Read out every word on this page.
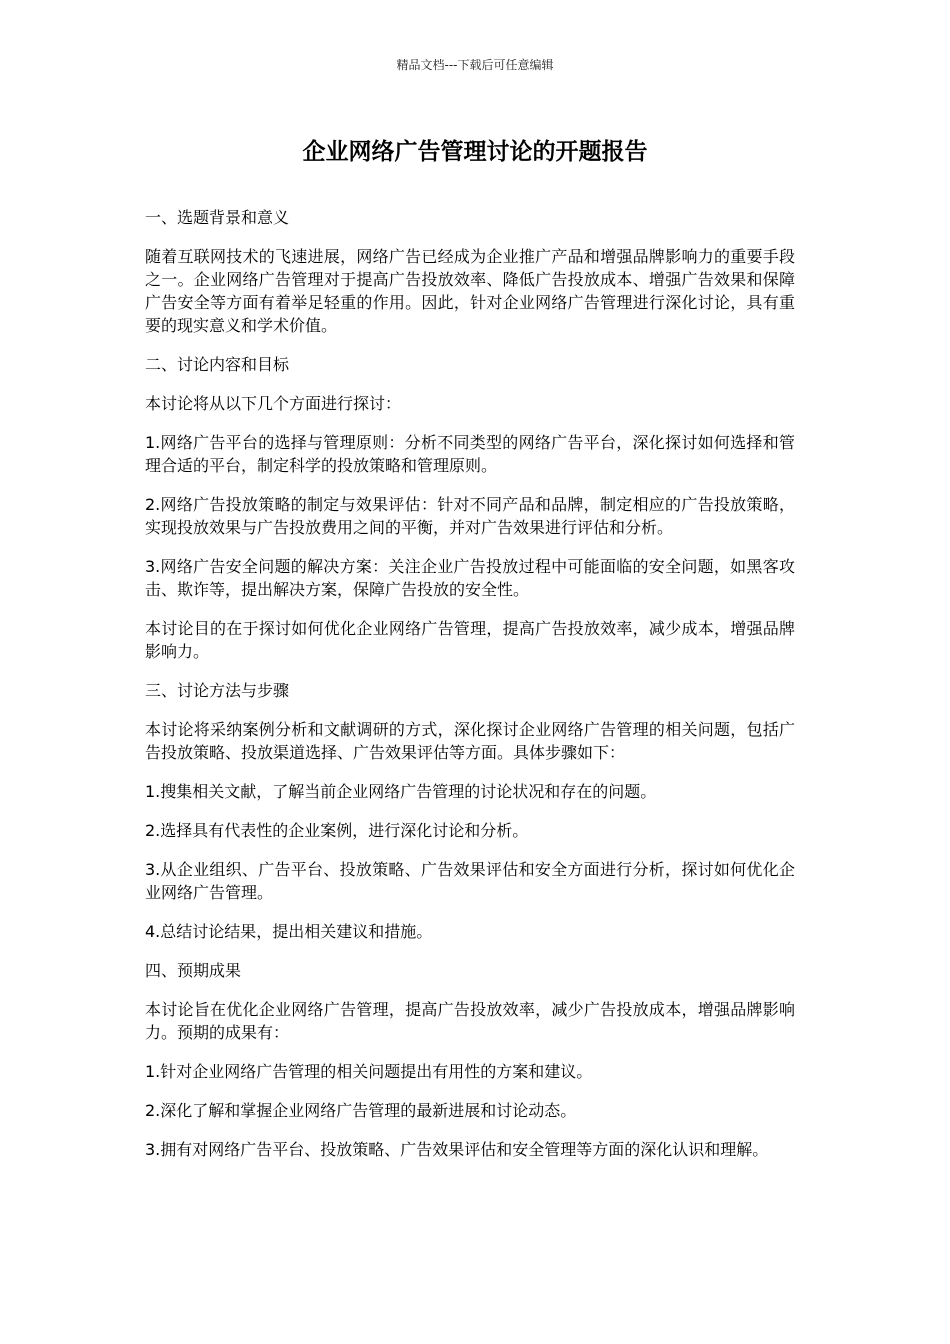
精品文档---下载后可任意编辑
企业网络广告管理讨论的开题报告

一、选题背景和意义

随着互联网技术的飞速进展，网络广告已经成为企业推广产品和增强品牌影响力的重要手段之一。企业网络广告管理对于提高广告投放效率、降低广告投放成本、增强广告效果和保障广告安全等方面有着举足轻重的作用。因此，针对企业网络广告管理进行深化讨论，具有重要的现实意义和学术价值。

二、讨论内容和目标

本讨论将从以下几个方面进行探讨：

1.网络广告平台的选择与管理原则：分析不同类型的网络广告平台，深化探讨如何选择和管理合适的平台，制定科学的投放策略和管理原则。

2.网络广告投放策略的制定与效果评估：针对不同产品和品牌，制定相应的广告投放策略，实现投放效果与广告投放费用之间的平衡，并对广告效果进行评估和分析。

3.网络广告安全问题的解决方案：关注企业广告投放过程中可能面临的安全问题，如黑客攻击、欺诈等，提出解决方案，保障广告投放的安全性。

本讨论目的在于探讨如何优化企业网络广告管理，提高广告投放效率，减少成本，增强品牌影响力。

三、讨论方法与步骤

本讨论将采纳案例分析和文献调研的方式，深化探讨企业网络广告管理的相关问题，包括广告投放策略、投放渠道选择、广告效果评估等方面。具体步骤如下：

1.搜集相关文献，了解当前企业网络广告管理的讨论状况和存在的问题。

2.选择具有代表性的企业案例，进行深化讨论和分析。

3.从企业组织、广告平台、投放策略、广告效果评估和安全方面进行分析，探讨如何优化企业网络广告管理。

4.总结讨论结果，提出相关建议和措施。

四、预期成果

本讨论旨在优化企业网络广告管理，提高广告投放效率，减少广告投放成本，增强品牌影响力。预期的成果有：

1.针对企业网络广告管理的相关问题提出有用性的方案和建议。

2.深化了解和掌握企业网络广告管理的最新进展和讨论动态。

3.拥有对网络广告平台、投放策略、广告效果评估和安全管理等方面的深化认识和理解。
